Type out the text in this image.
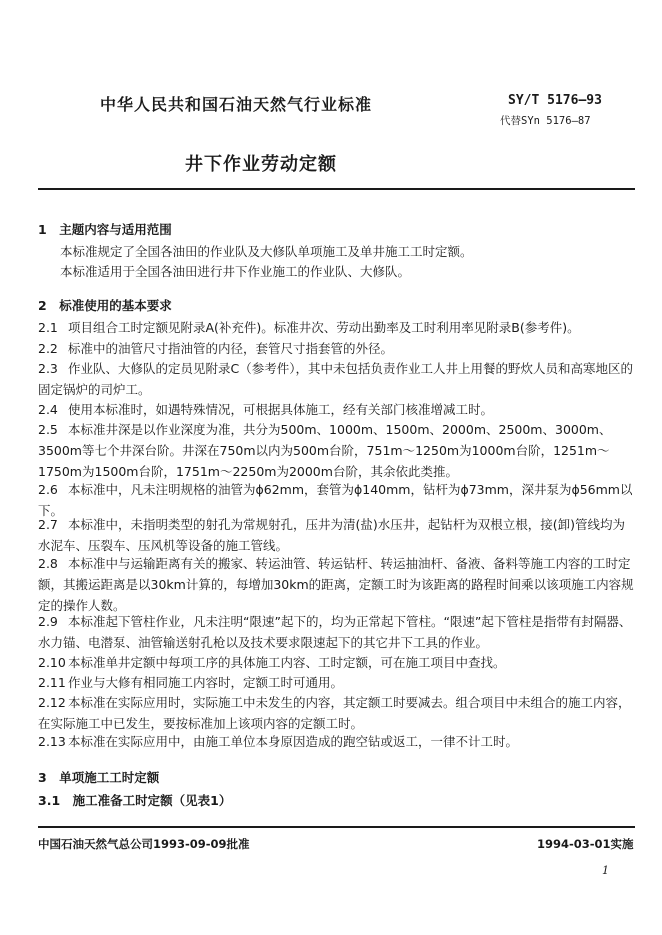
中华人民共和国石油天然气行业标准	SY/T 5176—93
代替SYn 5176—87
井下作业劳动定额
1　主题内容与适用范围
本标准规定了全国各油田的作业队及大修队单项施工及单井施工工时定额。
本标准适用于全国各油田进行井下作业施工的作业队、大修队。
2　标准使用的基本要求
2.1 项目组合工时定额见附录A(补充件)。标准井次、劳动出勤率及工时利用率见附录B(参考件)。
2.2 标准中的油管尺寸指油管的内径，套管尺寸指套管的外径。
2.3 作业队、大修队的定员见附录C（参考件），其中未包括负责作业工人井上用餐的野炊人员和高寒地区的固定锅炉的司炉工。
2.4 使用本标准时，如遇特殊情况，可根据具体施工，经有关部门核准增减工时。
2.5 本标准井深是以作业深度为准，共分为500m、1000m、1500m、2000m、2500m、3000m、3500m等七个井深台阶。井深在750m以内为500m台阶，751m～1250m为1000m台阶，1251m～1750m为1500m台阶，1751m～2250m为2000m台阶，其余依此类推。
2.6 本标准中，凡未注明规格的油管为ϕ62mm，套管为ϕ140mm，钻杆为ϕ73mm，深井泵为ϕ56mm以下。
2.7 本标准中，未指明类型的射孔为常规射孔，压井为清(盐)水压井，起钻杆为双根立根，接(卸)管线均为水泥车、压裂车、压风机等设备的施工管线。
2.8 本标准中与运输距离有关的搬家、转运油管、转运钻杆、转运抽油杆、备液、备料等施工内容的工时定额，其搬运距离是以30km计算的，每增加30km的距离，定额工时为该距离的路程时间乘以该项施工内容规定的操作人数。
2.9 本标准起下管柱作业，凡未注明“限速”起下的，均为正常起下管柱。“限速”起下管柱是指带有封隔器、水力锚、电潜泵、油管输送射孔枪以及技术要求限速起下的其它井下工具的作业。
2.10 本标准单井定额中每项工序的具体施工内容、工时定额，可在施工项目中查找。
2.11 作业与大修有相同施工内容时，定额工时可通用。
2.12 本标准在实际应用时，实际施工中未发生的内容，其定额工时要减去。组合项目中未组合的施工内容，在实际施工中已发生，要按标准加上该项内容的定额工时。
2.13 本标准在实际应用中，由施工单位本身原因造成的跑空钻或返工，一律不计工时。
3　单项施工工时定额
3.1　施工准备工时定额（见表1）
中国石油天然气总公司1993-09-09批准	1994-03-01实施
1
